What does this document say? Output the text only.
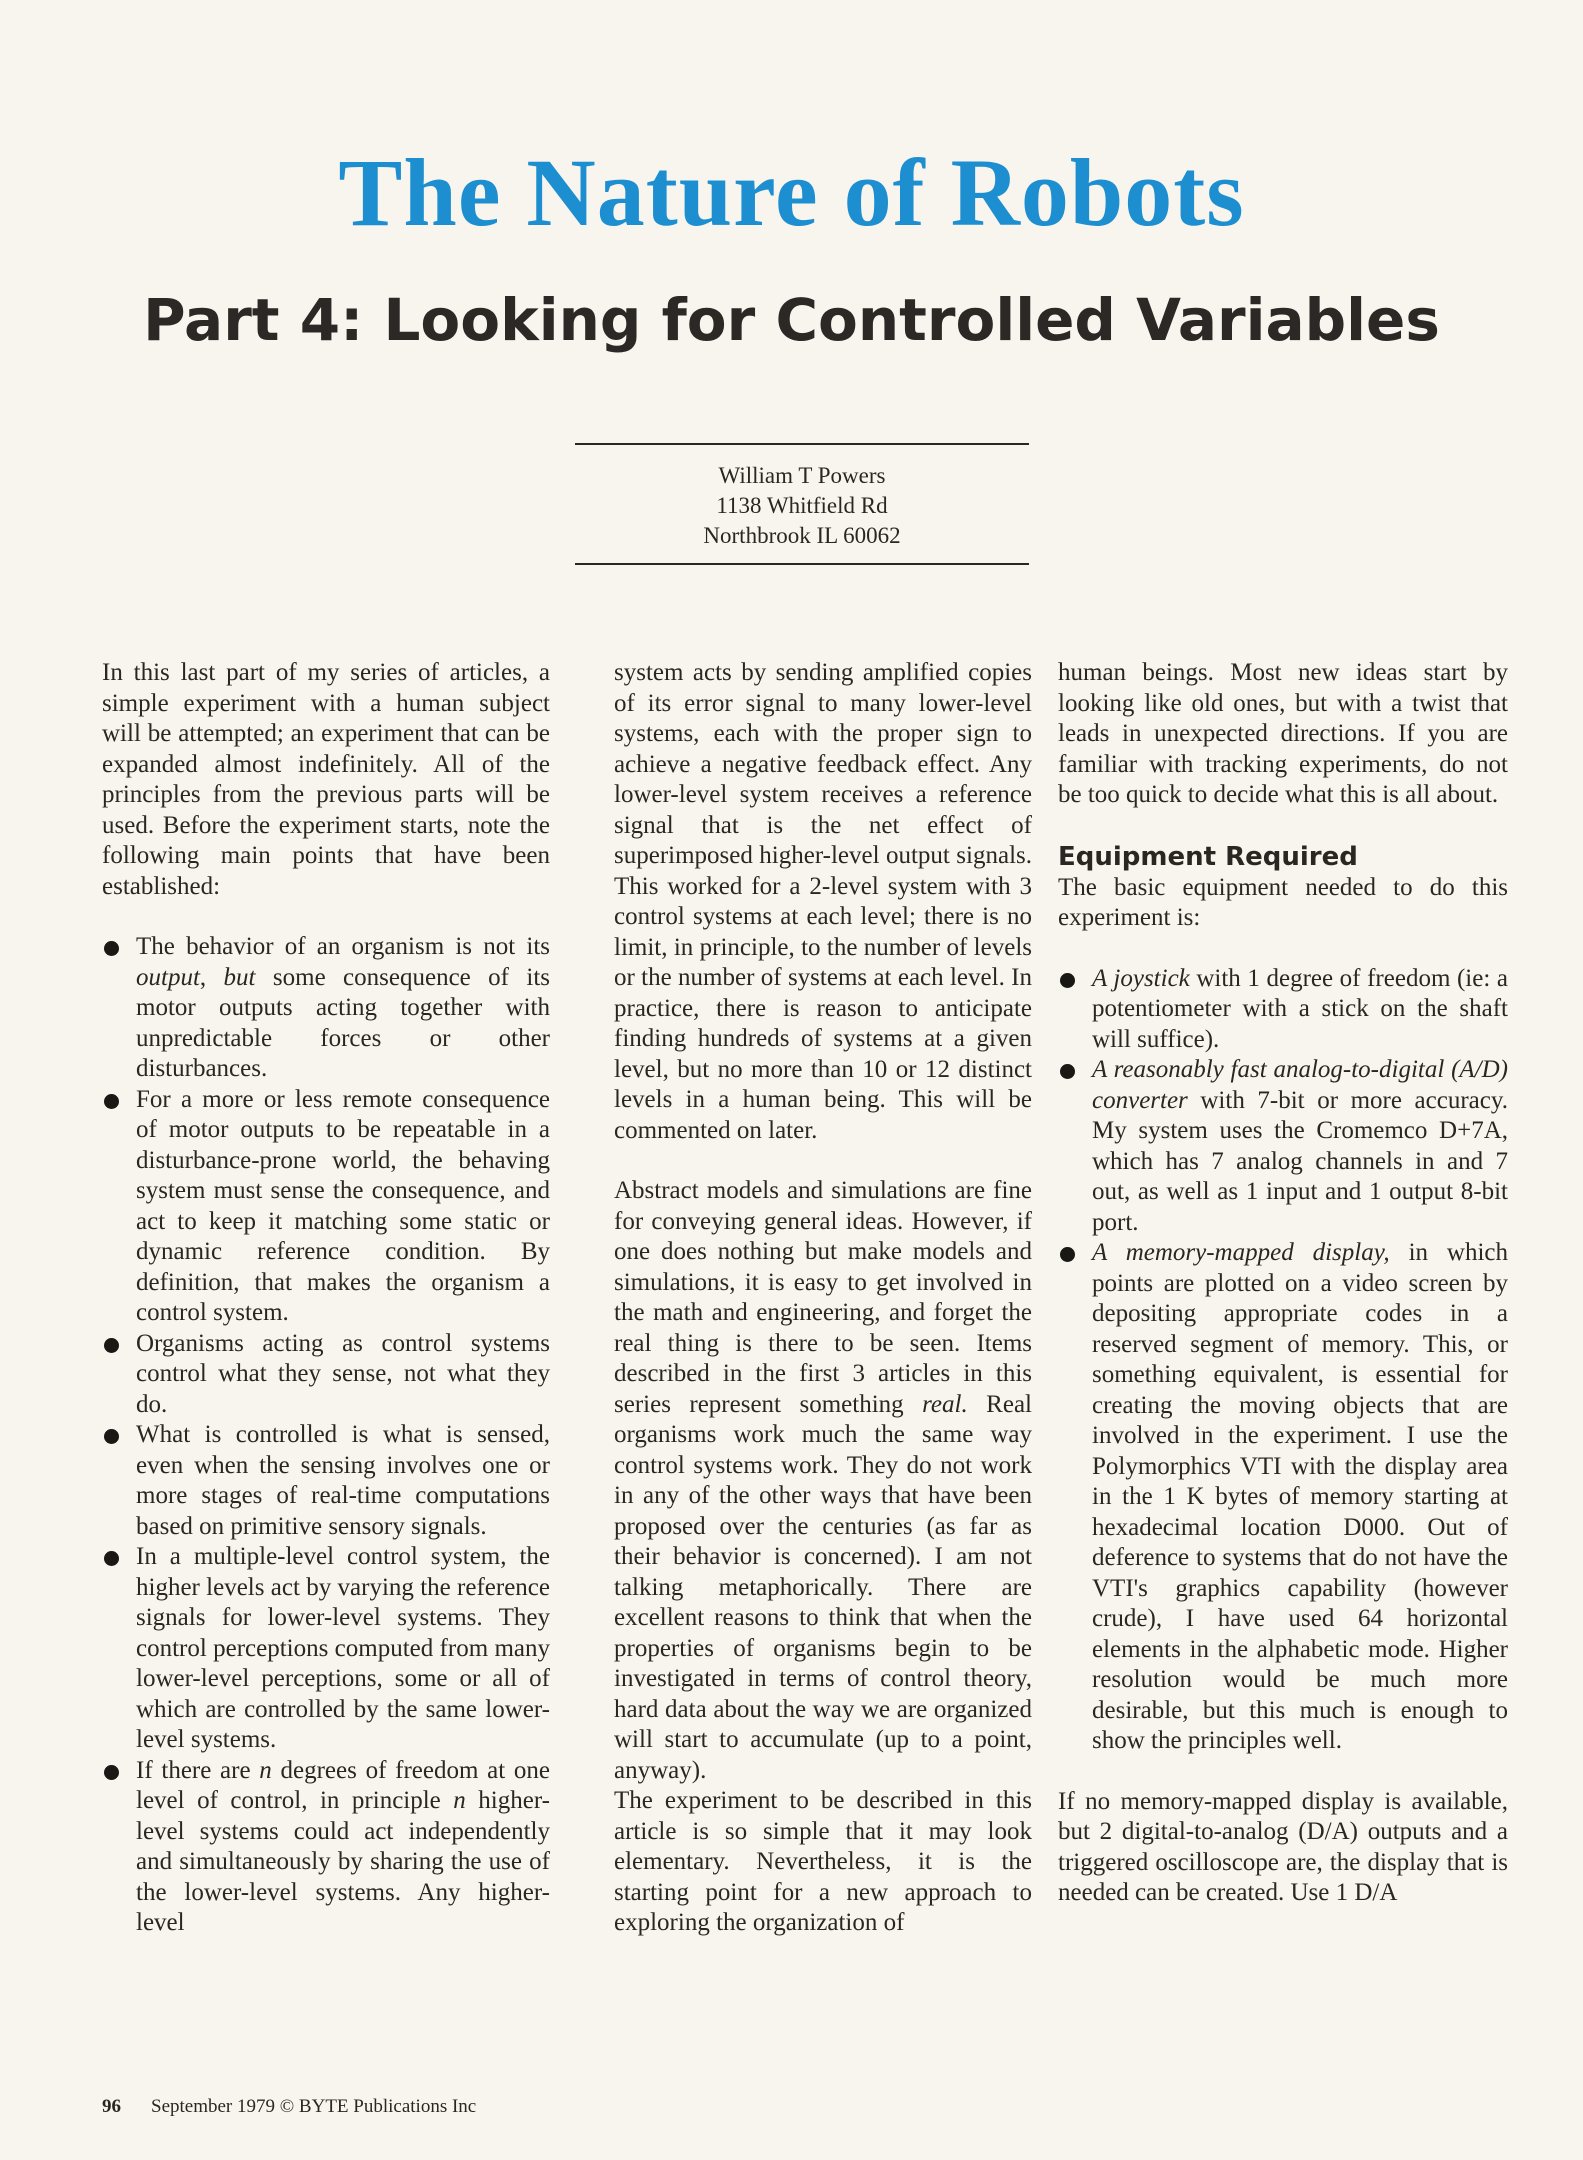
The Nature of Robots
Part 4: Looking for Controlled Variables
William T Powers
1138 Whitfield Rd
Northbrook IL 60062

In this last part of my series of articles, a simple experiment with a human subject will be attempted; an experiment that can be expanded almost indefinitely. All of the principles from the previous parts will be used. Before the experiment starts, note the following main points that have been established:

The behavior of an organism is not its output, but some consequence of its motor outputs acting together with unpredictable forces or other disturbances.
For a more or less remote consequence of motor outputs to be repeatable in a disturbance-prone world, the behaving system must sense the consequence, and act to keep it matching some static or dynamic reference condition. By definition, that makes the organism a control system.
Organisms acting as control systems control what they sense, not what they do.
What is controlled is what is sensed, even when the sensing involves one or more stages of real-time computations based on primitive sensory signals.
In a multiple-level control system, the higher levels act by varying the reference signals for lower-level systems. They control perceptions computed from many lower-level perceptions, some or all of which are controlled by the same lower-level systems.
If there are n degrees of freedom at one level of control, in principle n higher-level systems could act independently and simultaneously by sharing the use of the lower-level systems. Any higher-level

system acts by sending amplified copies of its error signal to many lower-level systems, each with the proper sign to achieve a negative feedback effect. Any lower-level system receives a reference signal that is the net effect of superimposed higher-level output signals. This worked for a 2-level system with 3 control systems at each level; there is no limit, in principle, to the number of levels or the number of systems at each level. In practice, there is reason to anticipate finding hundreds of systems at a given level, but no more than 10 or 12 distinct levels in a human being. This will be commented on later.

Abstract models and simulations are fine for conveying general ideas. However, if one does nothing but make models and simulations, it is easy to get involved in the math and engineering, and forget the real thing is there to be seen. Items described in the first 3 articles in this series represent something real. Real organisms work much the same way control systems work. They do not work in any of the other ways that have been proposed over the centuries (as far as their behavior is concerned). I am not talking metaphorically. There are excellent reasons to think that when the properties of organisms begin to be investigated in terms of control theory, hard data about the way we are organized will start to accumulate (up to a point, anyway).

The experiment to be described in this article is so simple that it may look elementary. Nevertheless, it is the starting point for a new approach to exploring the organization of

human beings. Most new ideas start by looking like old ones, but with a twist that leads in unexpected directions. If you are familiar with tracking experiments, do not be too quick to decide what this is all about.

Equipment Required

The basic equipment needed to do this experiment is:

A joystick with 1 degree of freedom (ie: a potentiometer with a stick on the shaft will suffice).
A reasonably fast analog-to-digital (A/D) converter with 7-bit or more accuracy. My system uses the Cromemco D+7A, which has 7 analog channels in and 7 out, as well as 1 input and 1 output 8-bit port.
A memory-mapped display, in which points are plotted on a video screen by depositing appropriate codes in a reserved segment of memory. This, or something equivalent, is essential for creating the moving objects that are involved in the experiment. I use the Polymorphics VTI with the display area in the 1 K bytes of memory starting at hexadecimal location D000. Out of deference to systems that do not have the VTI's graphics capability (however crude), I have used 64 horizontal elements in the alphabetic mode. Higher resolution would be much more desirable, but this much is enough to show the principles well.

If no memory-mapped display is available, but 2 digital-to-analog (D/A) outputs and a triggered oscilloscope are, the display that is needed can be created. Use 1 D/A

96 September 1979 © BYTE Publications Inc
